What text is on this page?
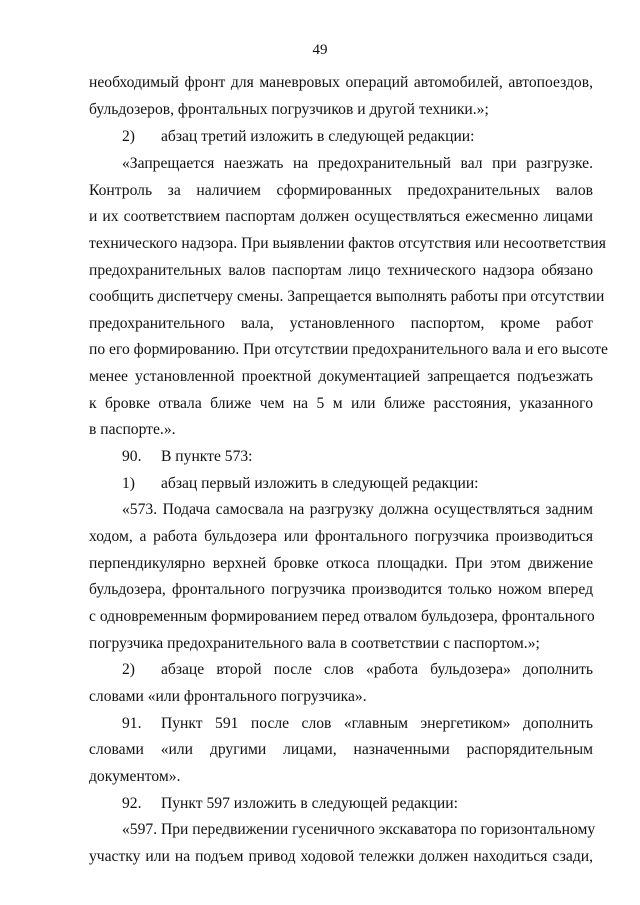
49
необходимый фронт для маневровых операций автомобилей, автопоездов,
бульдозеров, фронтальных погрузчиков и другой техники.»;
2) абзац третий изложить в следующей редакции:
«Запрещается наезжать на предохранительный вал при разгрузке.
Контроль за наличием сформированных предохранительных валов
и их соответствием паспортам должен осуществляться ежесменно лицами
технического надзора. При выявлении фактов отсутствия или несоответствия
предохранительных валов паспортам лицо технического надзора обязано
сообщить диспетчеру смены. Запрещается выполнять работы при отсутствии
предохранительного вала, установленного паспортом, кроме работ
по его формированию. При отсутствии предохранительного вала и его высоте
менее установленной проектной документацией запрещается подъезжать
к бровке отвала ближе чем на 5 м или ближе расстояния, указанного
в паспорте.».
90. В пункте 573:
1) абзац первый изложить в следующей редакции:
«573. Подача самосвала на разгрузку должна осуществляться задним
ходом, а работа бульдозера или фронтального погрузчика производиться
перпендикулярно верхней бровке откоса площадки. При этом движение
бульдозера, фронтального погрузчика производится только ножом вперед
с одновременным формированием перед отвалом бульдозера, фронтального
погрузчика предохранительного вала в соответствии с паспортом.»;
2) абзаце второй после слов «работа бульдозера» дополнить
словами «или фронтального погрузчика».
91. Пункт 591 после слов «главным энергетиком» дополнить
словами «или другими лицами, назначенными распорядительным
документом».
92. Пункт 597 изложить в следующей редакции:
«597. При передвижении гусеничного экскаватора по горизонтальному
участку или на подъем привод ходовой тележки должен находиться сзади,
